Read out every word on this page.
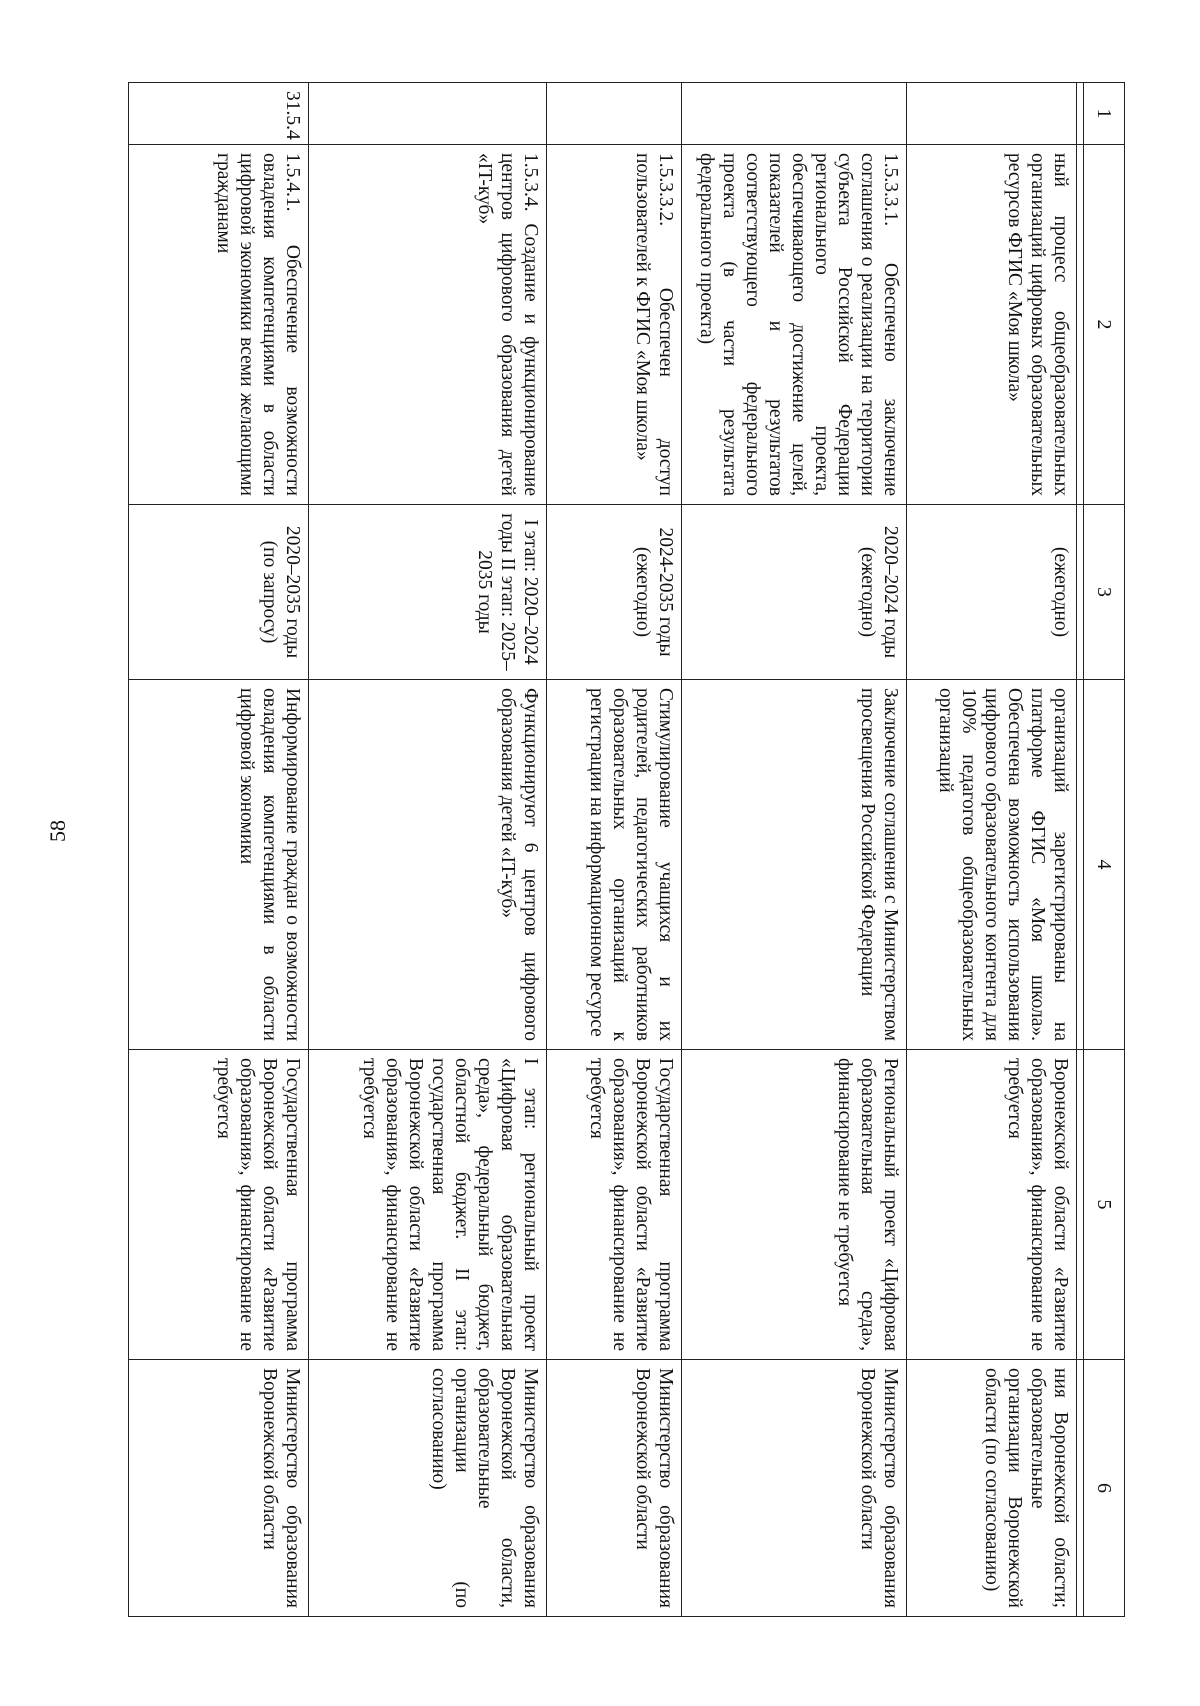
58
1	2	3	4	5	6

	ный процесс общеобразовательных организаций цифровых образовательных ресурсов ФГИС «Моя школа»	(ежегодно)	организаций зарегистрированы на платформе ФГИС «Моя школа». Обеспечена возможность использования цифрового образовательного контента для 100% педагогов общеобразовательных организаций	Воронежской области «Развитие образования», финансирование не требуется	ния Воронежской области; образовательные организации Воронежской области (по согласованию)
	1.5.3.3.1. Обеспечено заключение соглашения о реализации на территории субъекта Российской Федерации регионального проекта, обеспечивающего достижение целей, показателей и результатов соответствующего федерального проекта (в части результата федерального проекта)	2020–2024 годы (ежегодно)	Заключение соглашения с Министерством просвещения Российской Федерации	Региональный проект «Цифровая образовательная среда», финансирование не требуется	Министерство образования Воронежской области
	1.5.3.3.2. Обеспечен доступ пользователей к ФГИС «Моя школа»	2024-2035 годы (ежегодно)	Стимулирование учащихся и их родителей, педагогических работников образовательных организаций к регистрации на информационном ресурсе	Государственная программа Воронежской области «Развитие образования», финансирование не требуется	Министерство образования Воронежской области
	1.5.3.4. Создание и функционирование центров цифрового образования детей «IT-куб»	I этап: 2020–2024 годы II этап: 2025–2035 годы	Функционируют 6 центров цифрового образования детей «IT-куб»	I этап: региональный проект «Цифровая образовательная среда», федеральный бюджет, областной бюджет. II этап: государственная программа Воронежской области «Развитие образования», финансирование не требуется	Министерство образования Воронежской области, образовательные организации (по согласованию)
31.5.4	1.5.4.1. Обеспечение возможности овладения компетенциями в области цифровой экономики всеми желающими гражданами	2020–2035 годы (по запросу)	Информирование граждан о возможности овладения компетенциями в области цифровой экономики	Государственная программа Воронежской области «Развитие образования», финансирование не требуется	Министерство образования Воронежской области
